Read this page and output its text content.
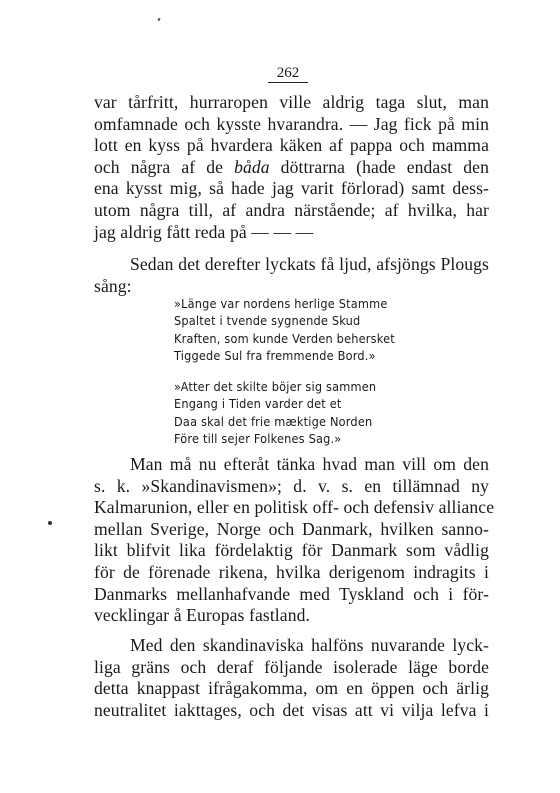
262
var tårfritt, hurraropen ville aldrig taga slut, man
omfamnade och kysste hvarandra. — Jag fick på min
lott en kyss på hvardera käken af pappa och mamma
och några af de båda döttrarna (hade endast den
ena kysst mig, så hade jag varit förlorad) samt dess-
utom några till, af andra närstående; af hvilka, har
jag aldrig fått reda på — — —
Sedan det derefter lyckats få ljud, afsjöngs Plougs
sång:
»Länge var nordens herlige Stamme
Spaltet i tvende sygnende Skud
Kraften, som kunde Verden behersket
Tiggede Sul fra fremmende Bord.»
»Atter det skilte böjer sig sammen
Engang i Tiden varder det et
Daa skal det frie mæktige Norden
Före till sejer Folkenes Sag.»
Man må nu efteråt tänka hvad man vill om den
s. k. »Skandinavismen»; d. v. s. en tillämnad ny
Kalmarunion, eller en politisk off- och defensiv alliance
mellan Sverige, Norge och Danmark, hvilken sanno-
likt blifvit lika fördelaktig för Danmark som vådlig
för de förenade rikena, hvilka derigenom indragits i
Danmarks mellanhafvande med Tyskland och i för-
vecklingar å Europas fastland.
Med den skandinaviska halföns nuvarande lyck-
liga gräns och deraf följande isolerade läge borde
detta knappast ifrågakomma, om en öppen och ärlig
neutralitet iakttages, och det visas att vi vilja lefva i
